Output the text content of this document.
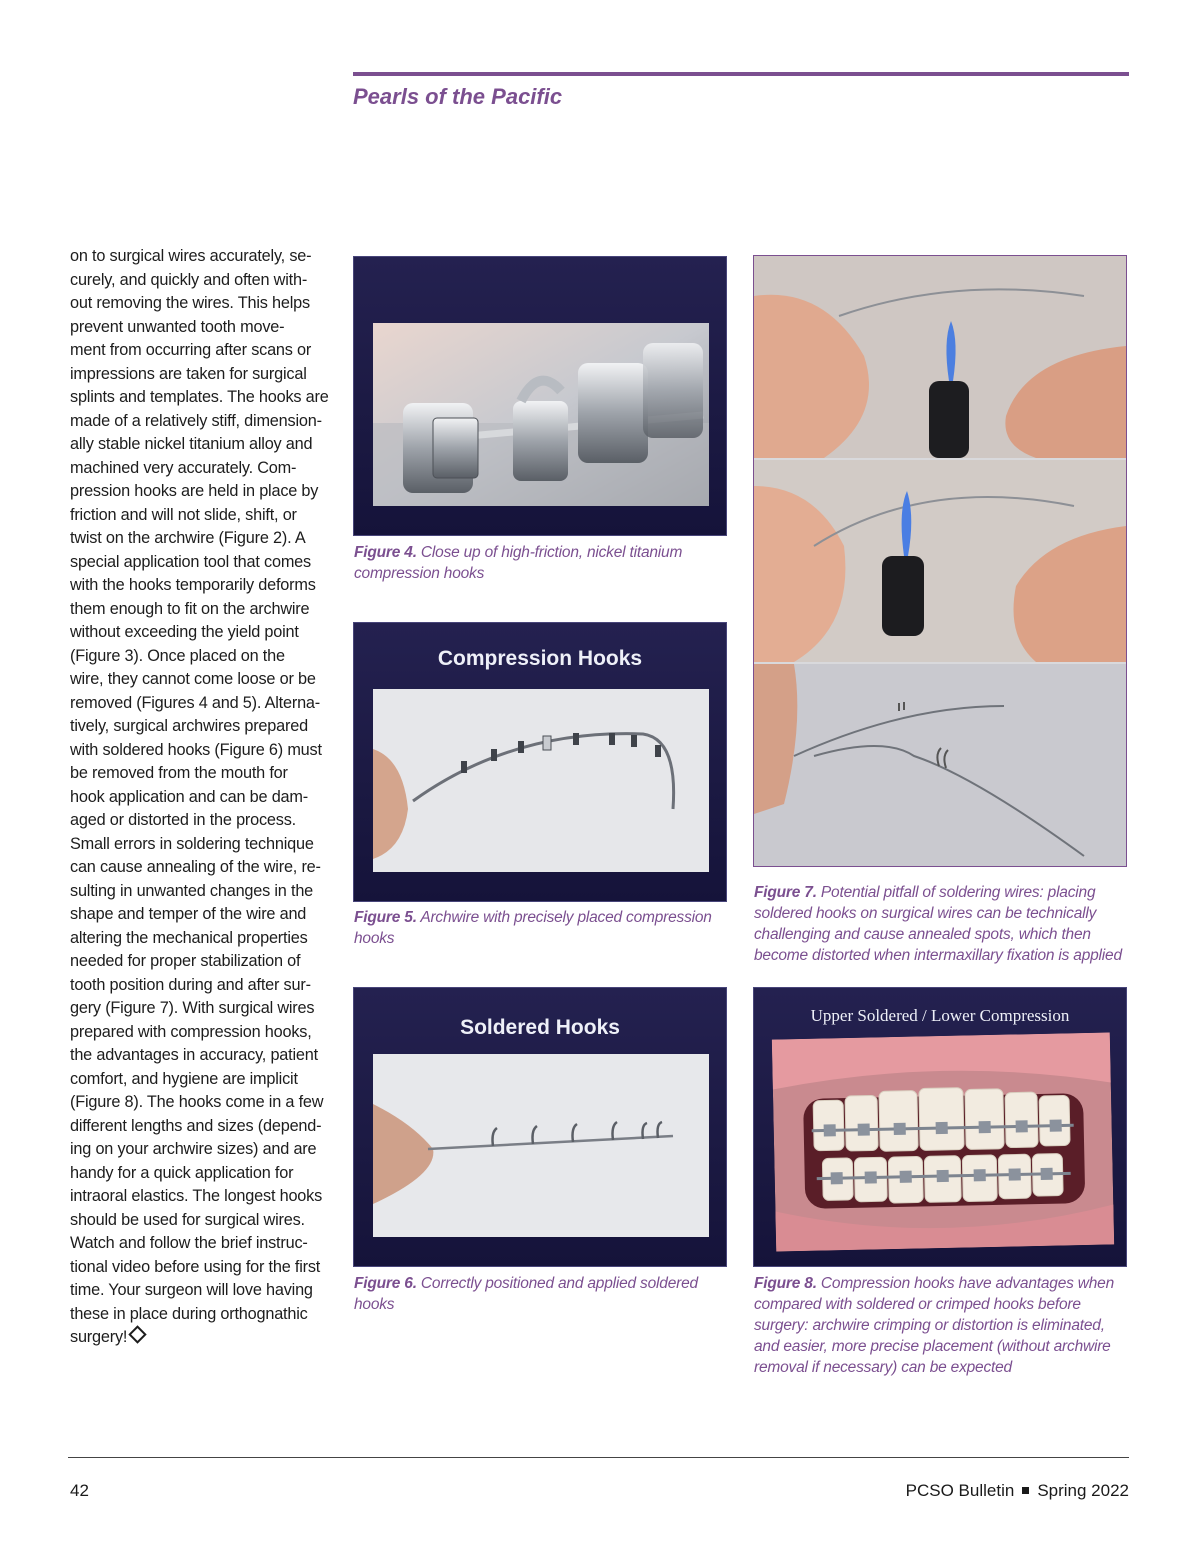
Pearls of the Pacific
on to surgical wires accurately, se-
curely, and quickly and often with-
out removing the wires. This helps
prevent unwanted tooth move-
ment from occurring after scans or
impressions are taken for surgical
splints and templates. The hooks are
made of a relatively stiff, dimension-
ally stable nickel titanium alloy and
machined very accurately. Com-
pression hooks are held in place by
friction and will not slide, shift, or
twist on the archwire (Figure 2). A
special application tool that comes
with the hooks temporarily deforms
them enough to fit on the archwire
without exceeding the yield point
(Figure 3). Once placed on the
wire, they cannot come loose or be
removed (Figures 4 and 5). Alterna-
tively, surgical archwires prepared
with soldered hooks (Figure 6) must
be removed from the mouth for
hook application and can be dam-
aged or distorted in the process.
Small errors in soldering technique
can cause annealing of the wire, re-
sulting in unwanted changes in the
shape and temper of the wire and
altering the mechanical properties
needed for proper stabilization of
tooth position during and after sur-
gery (Figure 7). With surgical wires
prepared with compression hooks,
the advantages in accuracy, patient
comfort, and hygiene are implicit
(Figure 8). The hooks come in a few
different lengths and sizes (depend-
ing on your archwire sizes) and are
handy for a quick application for
intraoral elastics. The longest hooks
should be used for surgical wires.
Watch and follow the brief instruc-
tional video before using for the first
time. Your surgeon will love having
these in place during orthognathic
surgery!
Figure 4. Close up of high-friction, nickel titanium compression hooks
Compression Hooks
Figure 5. Archwire with precisely placed compression hooks
Soldered Hooks
Figure 6. Correctly positioned and applied soldered hooks
Figure 7. Potential pitfall of soldering wires: placing soldered hooks on surgical wires can be technically challenging and cause annealed spots, which then become distorted when intermaxillary fixation is applied
Upper Soldered / Lower Compression
Figure 8. Compression hooks have advantages when compared with soldered or crimped hooks before surgery: archwire crimping or distortion is eliminated, and easier, more precise placement (without archwire removal if necessary) can be expected
42	PCSO Bulletin Spring 2022
